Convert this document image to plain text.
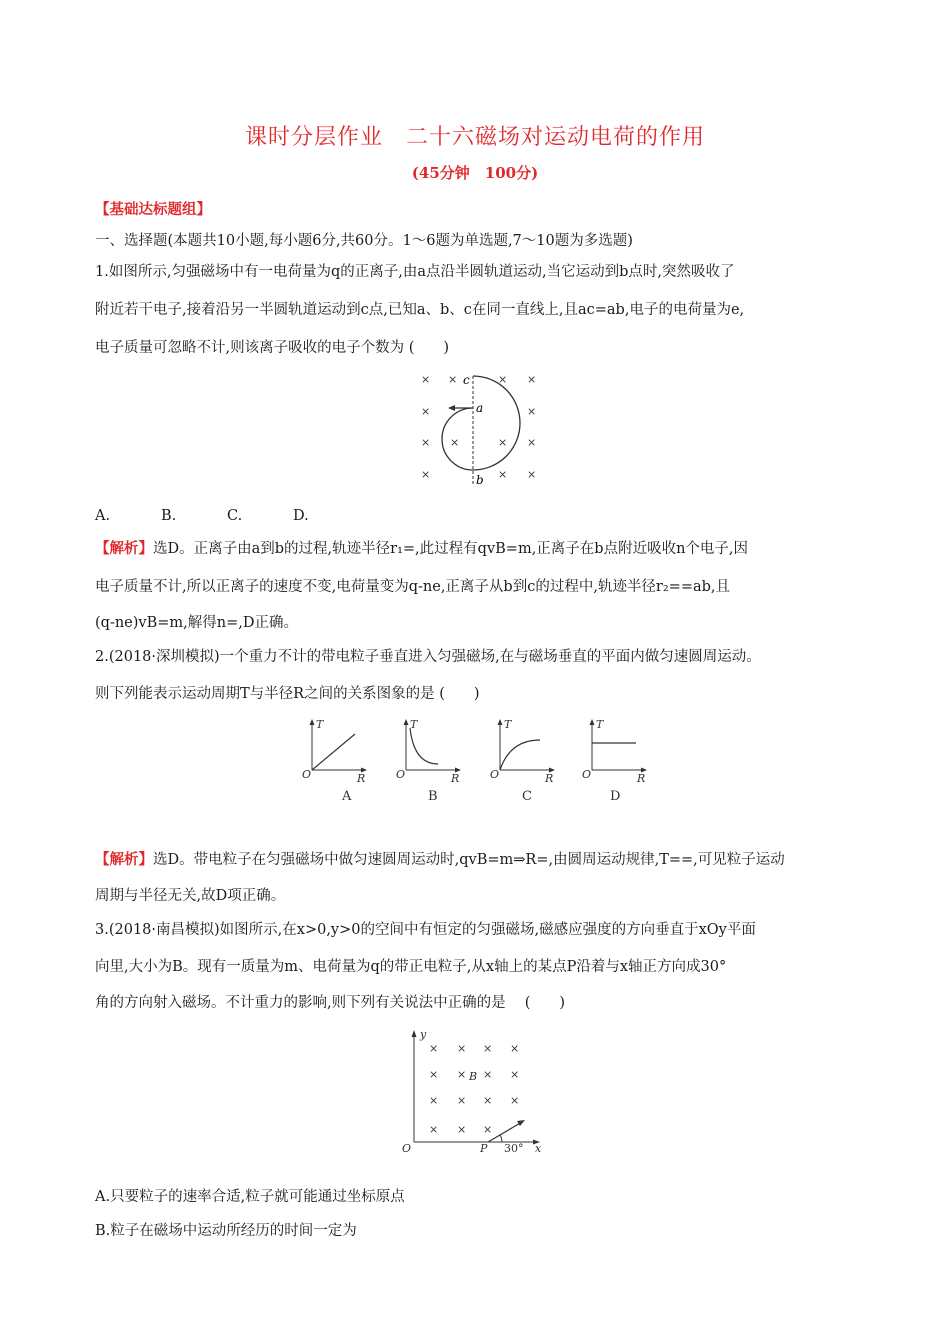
课时分层作业　二十六磁场对运动电荷的作用
(45分钟　100分)
【基础达标题组】
一、选择题(本题共10小题,每小题6分,共60分。1～6题为单选题,7～10题为多选题)
1.如图所示,匀强磁场中有一电荷量为q的正离子,由a点沿半圆轨道运动,当它运动到b点时,突然吸收了
附近若干电子,接着沿另一半圆轨道运动到c点,已知a、b、c在同一直线上,且ac=ab,电子的电荷量为e,
电子质量可忽略不计,则该离子吸收的电子个数为 (　　)
× ×	× ×
×	×
× ×	× ×
×	× ×
a
b
c
A.	B.	C.	D.
【解析】选D。正离子由a到b的过程,轨迹半径r₁=,此过程有qvB=m,正离子在b点附近吸收n个电子,因
电子质量不计,所以正离子的速度不变,电荷量变为q-ne,正离子从b到c的过程中,轨迹半径r₂==ab,且
(q-ne)vB=m,解得n=,D正确。
2.(2018·深圳模拟)一个重力不计的带电粒子垂直进入匀强磁场,在与磁场垂直的平面内做匀速圆周运动。
则下列能表示运动周期T与半径R之间的关系图象的是 (　　)
T
R
O
A
T
R
O
B
T
R
O
C
T
R
O
D
【解析】选D。带电粒子在匀强磁场中做匀速圆周运动时,qvB=m⇒R=,由圆周运动规律,T==,可见粒子运动
周期与半径无关,故D项正确。
3.(2018·南昌模拟)如图所示,在x>0,y>0的空间中有恒定的匀强磁场,磁感应强度的方向垂直于xOy平面
向里,大小为B。现有一质量为m、电荷量为q的带正电粒子,从x轴上的某点P沿着与x轴正方向成30°
角的方向射入磁场。不计重力的影响,则下列有关说法中正确的是　 (　　)
× × × ×
× × × ×
× × × ×
× × ×
y
x
O
B
P 30°
A.只要粒子的速率合适,粒子就可能通过坐标原点
B.粒子在磁场中运动所经历的时间一定为
